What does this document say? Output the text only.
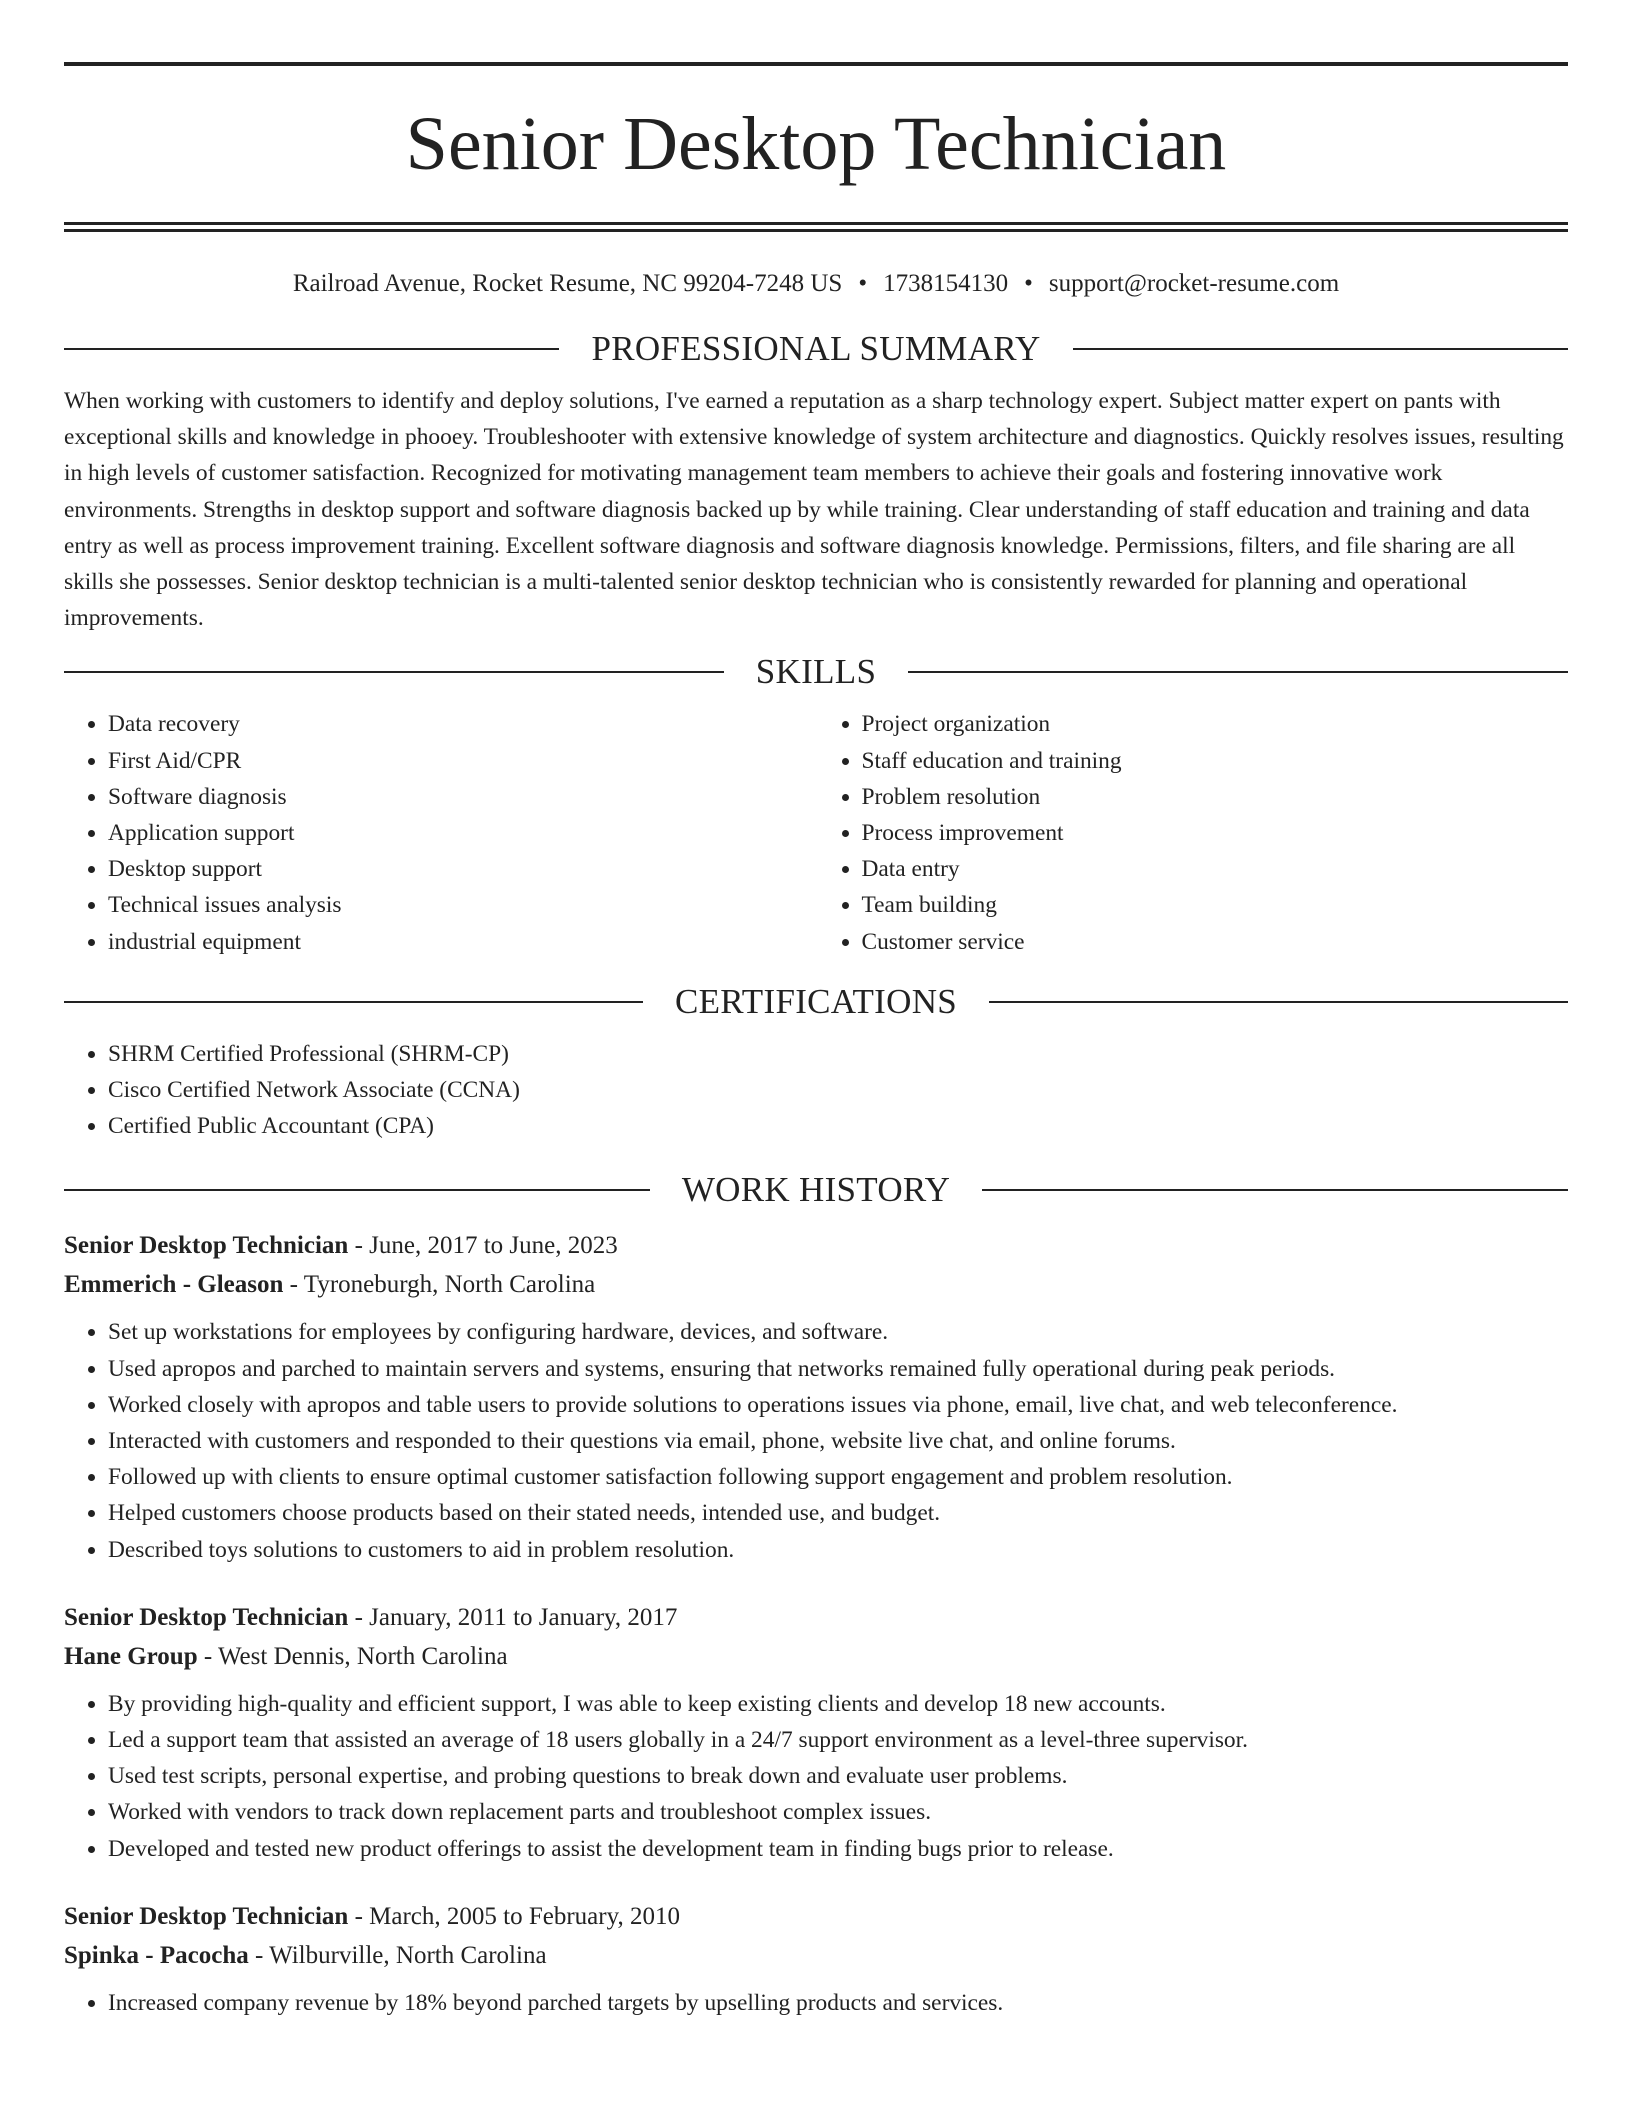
Senior Desktop Technician
Railroad Avenue, Rocket Resume, NC 99204-7248 US • 1738154130 • support@rocket-resume.com
PROFESSIONAL SUMMARY

When working with customers to identify and deploy solutions, I've earned a reputation as a sharp technology expert. Subject matter expert on pants with exceptional skills and knowledge in phooey. Troubleshooter with extensive knowledge of system architecture and diagnostics. Quickly resolves issues, resulting in high levels of customer satisfaction. Recognized for motivating management team members to achieve their goals and fostering innovative work environments. Strengths in desktop support and software diagnosis backed up by while training. Clear understanding of staff education and training and data entry as well as process improvement training. Excellent software diagnosis and software diagnosis knowledge. Permissions, filters, and file sharing are all skills she possesses. Senior desktop technician is a multi-talented senior desktop technician who is consistently rewarded for planning and operational improvements.

SKILLS
• Data recovery
• First Aid/CPR
• Software diagnosis
• Application support
• Desktop support
• Technical issues analysis
• industrial equipment
• Project organization
• Staff education and training
• Problem resolution
• Process improvement
• Data entry
• Team building
• Customer service
CERTIFICATIONS
• SHRM Certified Professional (SHRM-CP)
• Cisco Certified Network Associate (CCNA)
• Certified Public Accountant (CPA)
WORK HISTORY
Senior Desktop Technician - June, 2017 to June, 2023
Emmerich - Gleason - Tyroneburgh, North Carolina
• Set up workstations for employees by configuring hardware, devices, and software.
• Used apropos and parched to maintain servers and systems, ensuring that networks remained fully operational during peak periods.
• Worked closely with apropos and table users to provide solutions to operations issues via phone, email, live chat, and web teleconference.
• Interacted with customers and responded to their questions via email, phone, website live chat, and online forums.
• Followed up with clients to ensure optimal customer satisfaction following support engagement and problem resolution.
• Helped customers choose products based on their stated needs, intended use, and budget.
• Described toys solutions to customers to aid in problem resolution.
Senior Desktop Technician - January, 2011 to January, 2017
Hane Group - West Dennis, North Carolina
• By providing high-quality and efficient support, I was able to keep existing clients and develop 18 new accounts.
• Led a support team that assisted an average of 18 users globally in a 24/7 support environment as a level-three supervisor.
• Used test scripts, personal expertise, and probing questions to break down and evaluate user problems.
• Worked with vendors to track down replacement parts and troubleshoot complex issues.
• Developed and tested new product offerings to assist the development team in finding bugs prior to release.
Senior Desktop Technician - March, 2005 to February, 2010
Spinka - Pacocha - Wilburville, North Carolina
• Increased company revenue by 18% beyond parched targets by upselling products and services.
